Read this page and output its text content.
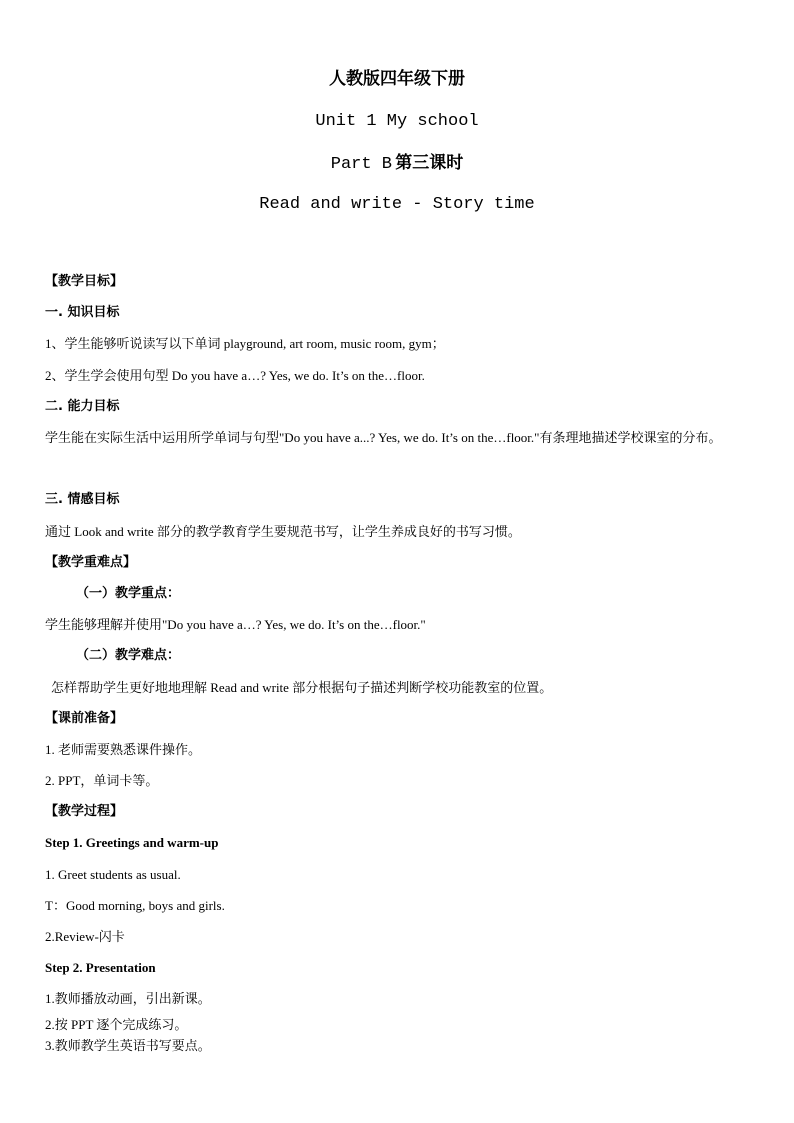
人教版四年级下册
Unit 1 My school
Part B 第三课时
Read and write - Story time
【教学目标】
一. 知识目标
1、学生能够听说读写以下单词 playground, art room, music room, gym；
2、学生学会使用句型 Do you have a…? Yes, we do. It’s on the…floor.
二. 能力目标
学生能在实际生活中运用所学单词与句型"Do you have a...? Yes, we do. It’s on the…floor."有条理地描述学校课室的分布。
三. 情感目标
通过 Look and write 部分的教学教育学生要规范书写，让学生养成良好的书写习惯。
【教学重难点】
（一）教学重点：
学生能够理解并使用"Do you have a…? Yes, we do. It’s on the…floor."
（二）教学难点：
怎样帮助学生更好地地理解 Read and write 部分根据句子描述判断学校功能教室的位置。
【课前准备】
1. 老师需要熟悉课件操作。
2. PPT，单词卡等。
【教学过程】
Step 1. Greetings and warm-up
1. Greet students as usual.
T：Good morning, boys and girls.
2.Review-闪卡
Step 2. Presentation
1.教师播放动画，引出新课。
2.按 PPT 逐个完成练习。
3.教师教学生英语书写要点。
